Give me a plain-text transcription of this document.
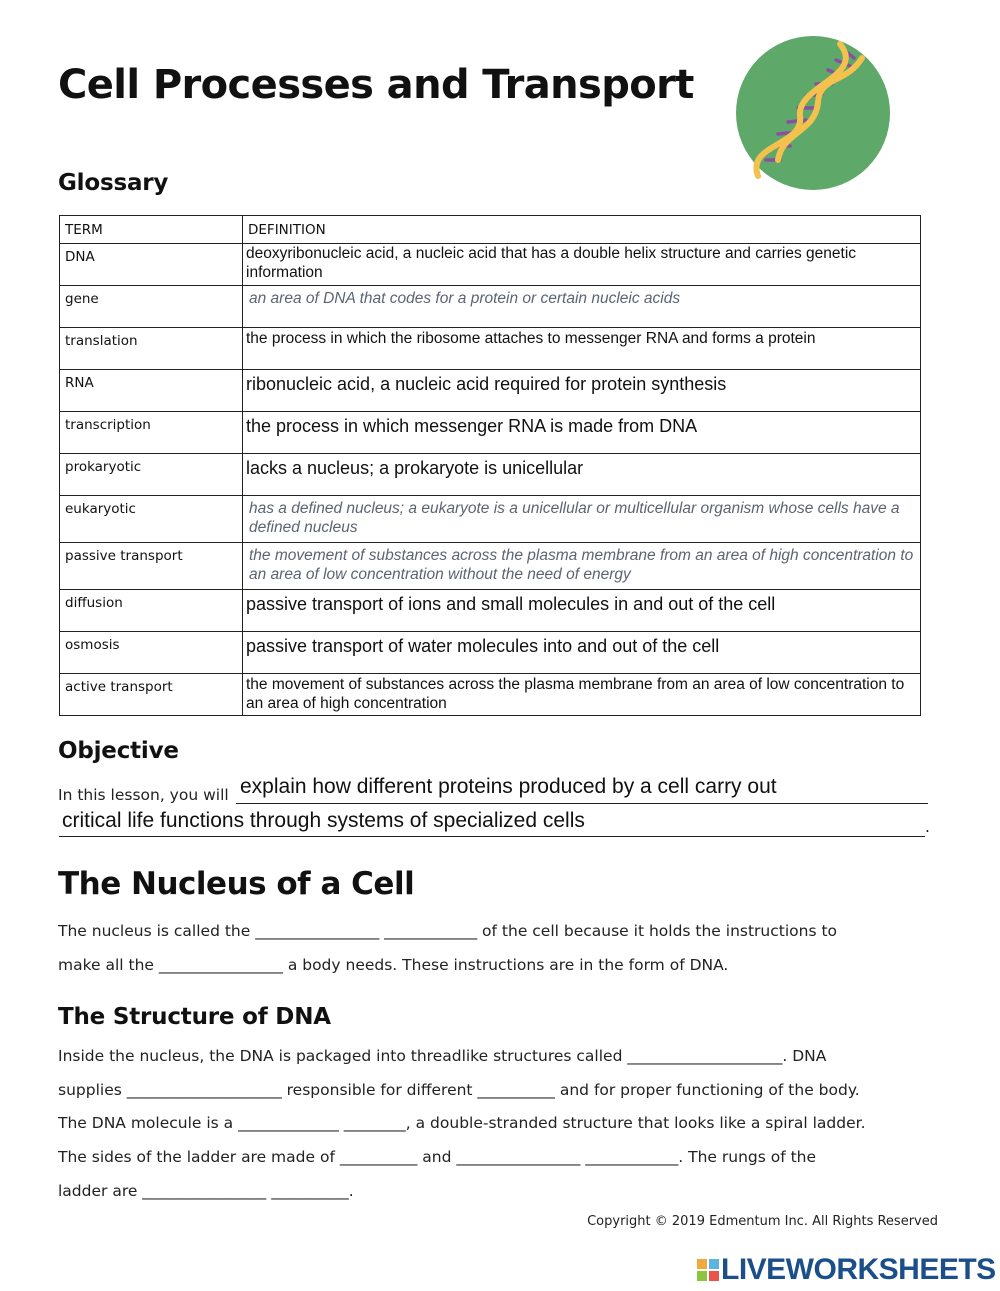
Cell Processes and Transport
Glossary
TERM	DEFINITION
DNA	deoxyribonucleic acid, a nucleic acid that has a double helix structure and carries genetic information

gene	an area of DNA that codes for a protein or certain nucleic acids

translation	the process in which the ribosome attaches to messenger RNA and forms a protein

RNA	ribonucleic acid, a nucleic acid required for protein synthesis

transcription	the process in which messenger RNA is made from DNA

prokaryotic	lacks a nucleus; a prokaryote is unicellular

eukaryotic	has a defined nucleus; a eukaryote is a unicellular or multicellular organism whose cells have a defined nucleus

passive transport	the movement of substances across the plasma membrane from an area of high concentration to an area of low concentration without the need of energy

diffusion	passive transport of ions and small molecules in and out of the cell

osmosis	passive transport of water molecules into and out of the cell

active transport	the movement of substances across the plasma membrane from an area of low concentration to an area of high concentration
Objective
In this lesson, you will explain how different proteins produced by a cell carry out
critical life functions through systems of specialized cells	.
The Nucleus of a Cell
The nucleus is called the ________________ ____________ of the cell because it holds the instructions to
make all the ________________ a body needs. These instructions are in the form of DNA.
The Structure of DNA
Inside the nucleus, the DNA is packaged into threadlike structures called ____________________. DNA
supplies ____________________ responsible for different __________ and for proper functioning of the body.
The DNA molecule is a _____________ ________, a double-stranded structure that looks like a spiral ladder.
The sides of the ladder are made of __________ and ________________ ____________. The rungs of the
ladder are ________________ __________.
Copyright © 2019 Edmentum Inc. All Rights Reserved
LIVEWORKSHEETS
